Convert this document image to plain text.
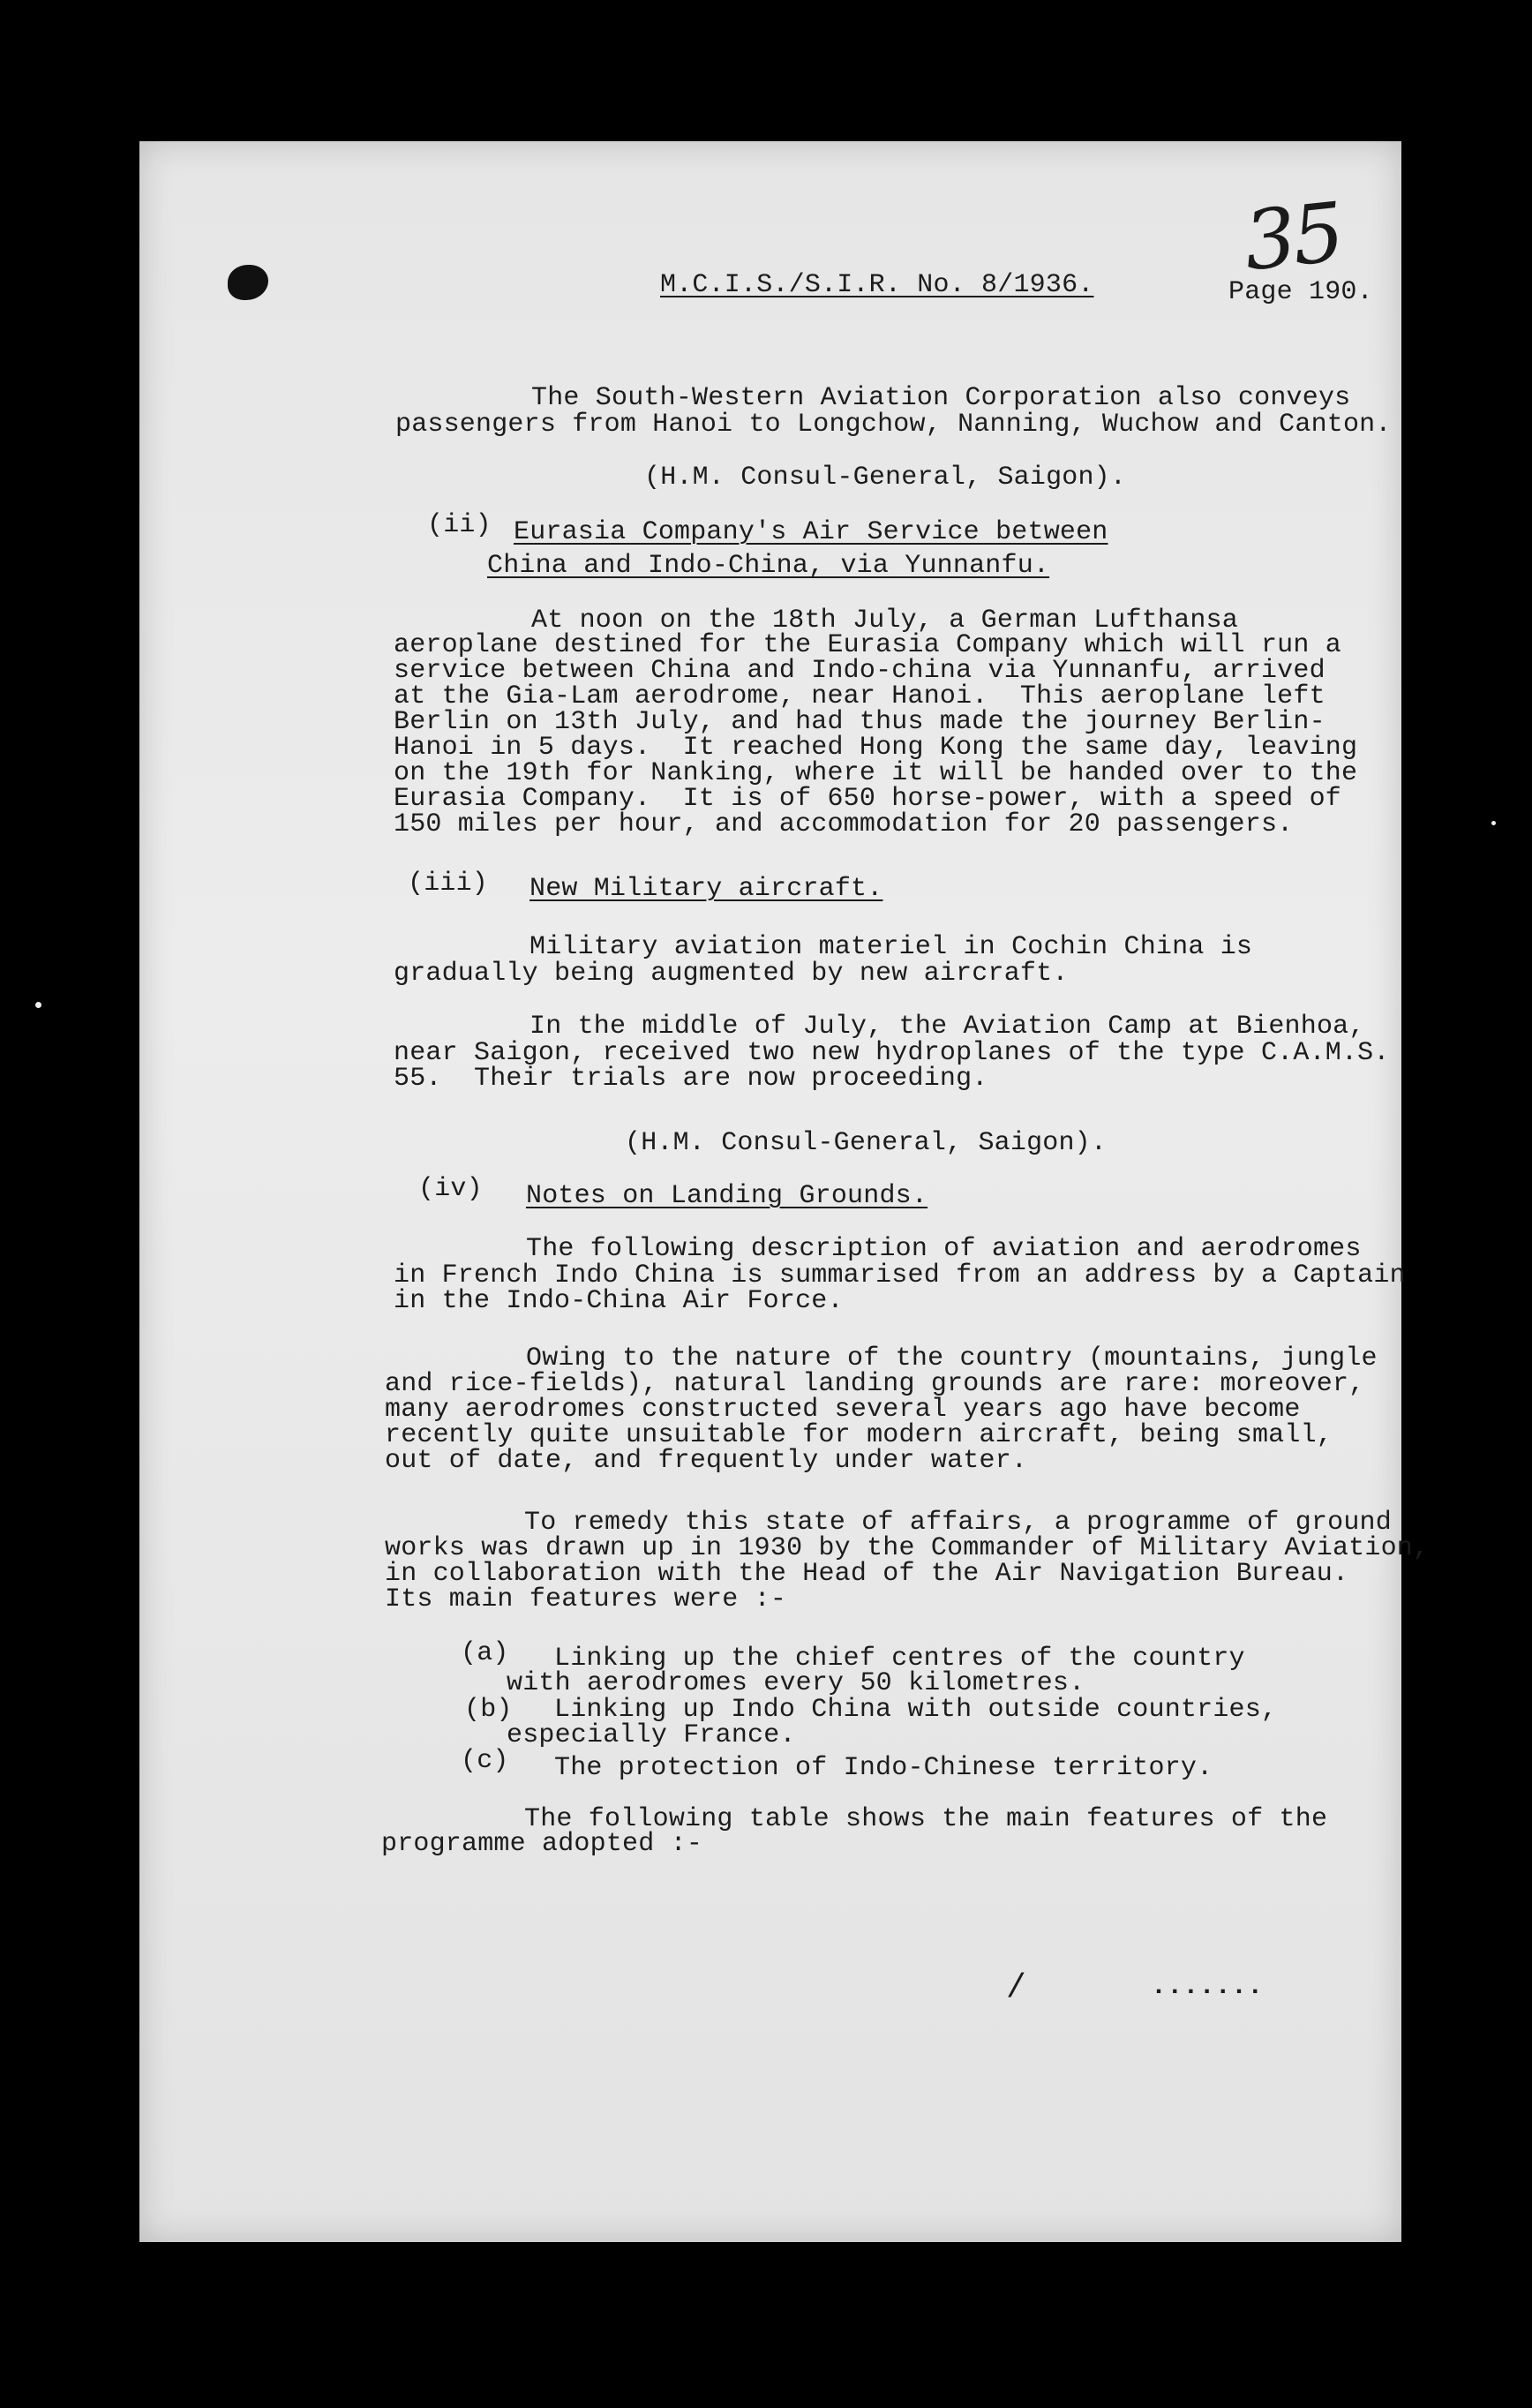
M.C.I.S./S.I.R. No. 8/1936.	Page 190.
35
The South-Western Aviation Corporation also conveys
passengers from Hanoi to Longchow, Nanning, Wuchow and Canton.
(H.M. Consul-General, Saigon).
(ii) Eurasia Company's Air Service between
China and Indo-China, via Yunnanfu.
At noon on the 18th July, a German Lufthansa
aeroplane destined for the Eurasia Company which will run a
service between China and Indo-china via Yunnanfu, arrived
at the Gia-Lam aerodrome, near Hanoi.  This aeroplane left
Berlin on 13th July, and had thus made the journey Berlin-
Hanoi in 5 days.  It reached Hong Kong the same day, leaving
on the 19th for Nanking, where it will be handed over to the
Eurasia Company.  It is of 650 horse-power, with a speed of
150 miles per hour, and accommodation for 20 passengers.
(iii) New Military aircraft.
Military aviation materiel in Cochin China is
gradually being augmented by new aircraft.
In the middle of July, the Aviation Camp at Bienhoa,
near Saigon, received two new hydroplanes of the type C.A.M.S.
55.  Their trials are now proceeding.
(H.M. Consul-General, Saigon).
(iv) Notes on Landing Grounds.
The following description of aviation and aerodromes
in French Indo China is summarised from an address by a Captain
in the Indo-China Air Force.
Owing to the nature of the country (mountains, jungle
and rice-fields), natural landing grounds are rare: moreover,
many aerodromes constructed several years ago have become
recently quite unsuitable for modern aircraft, being small,
out of date, and frequently under water.
To remedy this state of affairs, a programme of ground
works was drawn up in 1930 by the Commander of Military Aviation,
in collaboration with the Head of the Air Navigation Bureau.
Its main features were :-
(a) Linking up the chief centres of the country
with aerodromes every 50 kilometres.
(b) Linking up Indo China with outside countries,
especially France.
(c) The protection of Indo-Chinese territory.
The following table shows the main features of the
programme adopted :-
/	.......
